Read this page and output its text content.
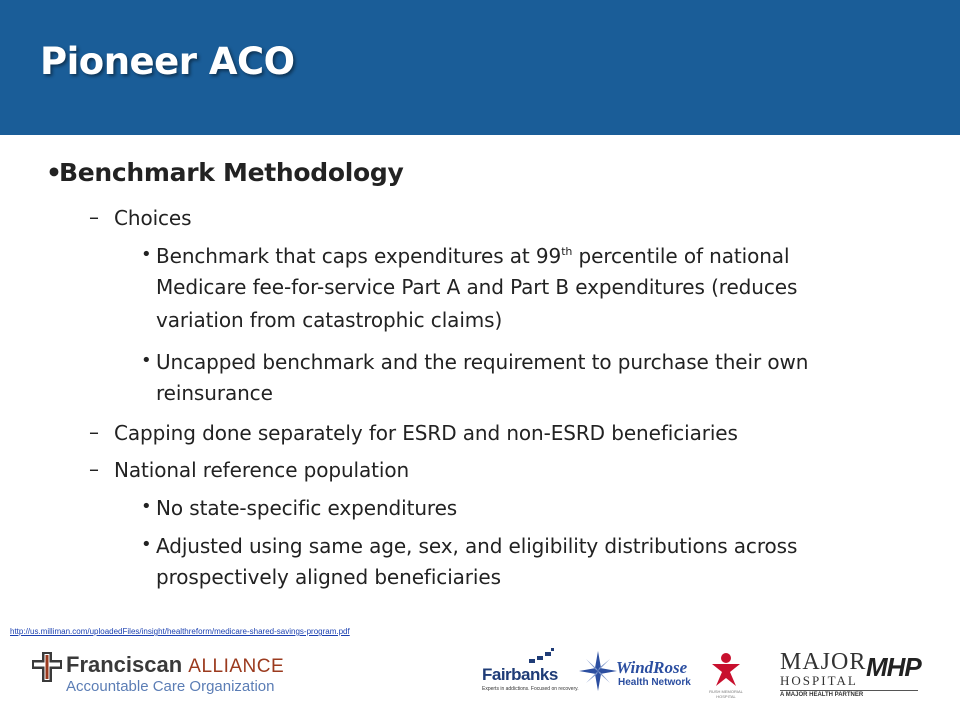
Pioneer ACO
•Benchmark Methodology
– Choices
• Benchmark that caps expenditures at 99th percentile of national
Medicare fee-for-service Part A and Part B expenditures (reduces
variation from catastrophic claims)
• Uncapped benchmark and the requirement to purchase their own
reinsurance
– Capping done separately for ESRD and non-ESRD beneficiaries
– National reference population
• No state-specific expenditures
• Adjusted using same age, sex, and eligibility distributions across
prospectively aligned beneficiaries
http://us.milliman.com/uploadedFiles/insight/healthreform/medicare-shared-savings-program.pdf
Franciscan ALLIANCE
Accountable Care Organization
Fairbanks
Experts in addictions. Focused on recovery.
WindRose
Health Network
RUSH MEMORIAL HOSPITAL
MAJOR
HOSPITAL
A MAJOR HEALTH PARTNER
MHP
